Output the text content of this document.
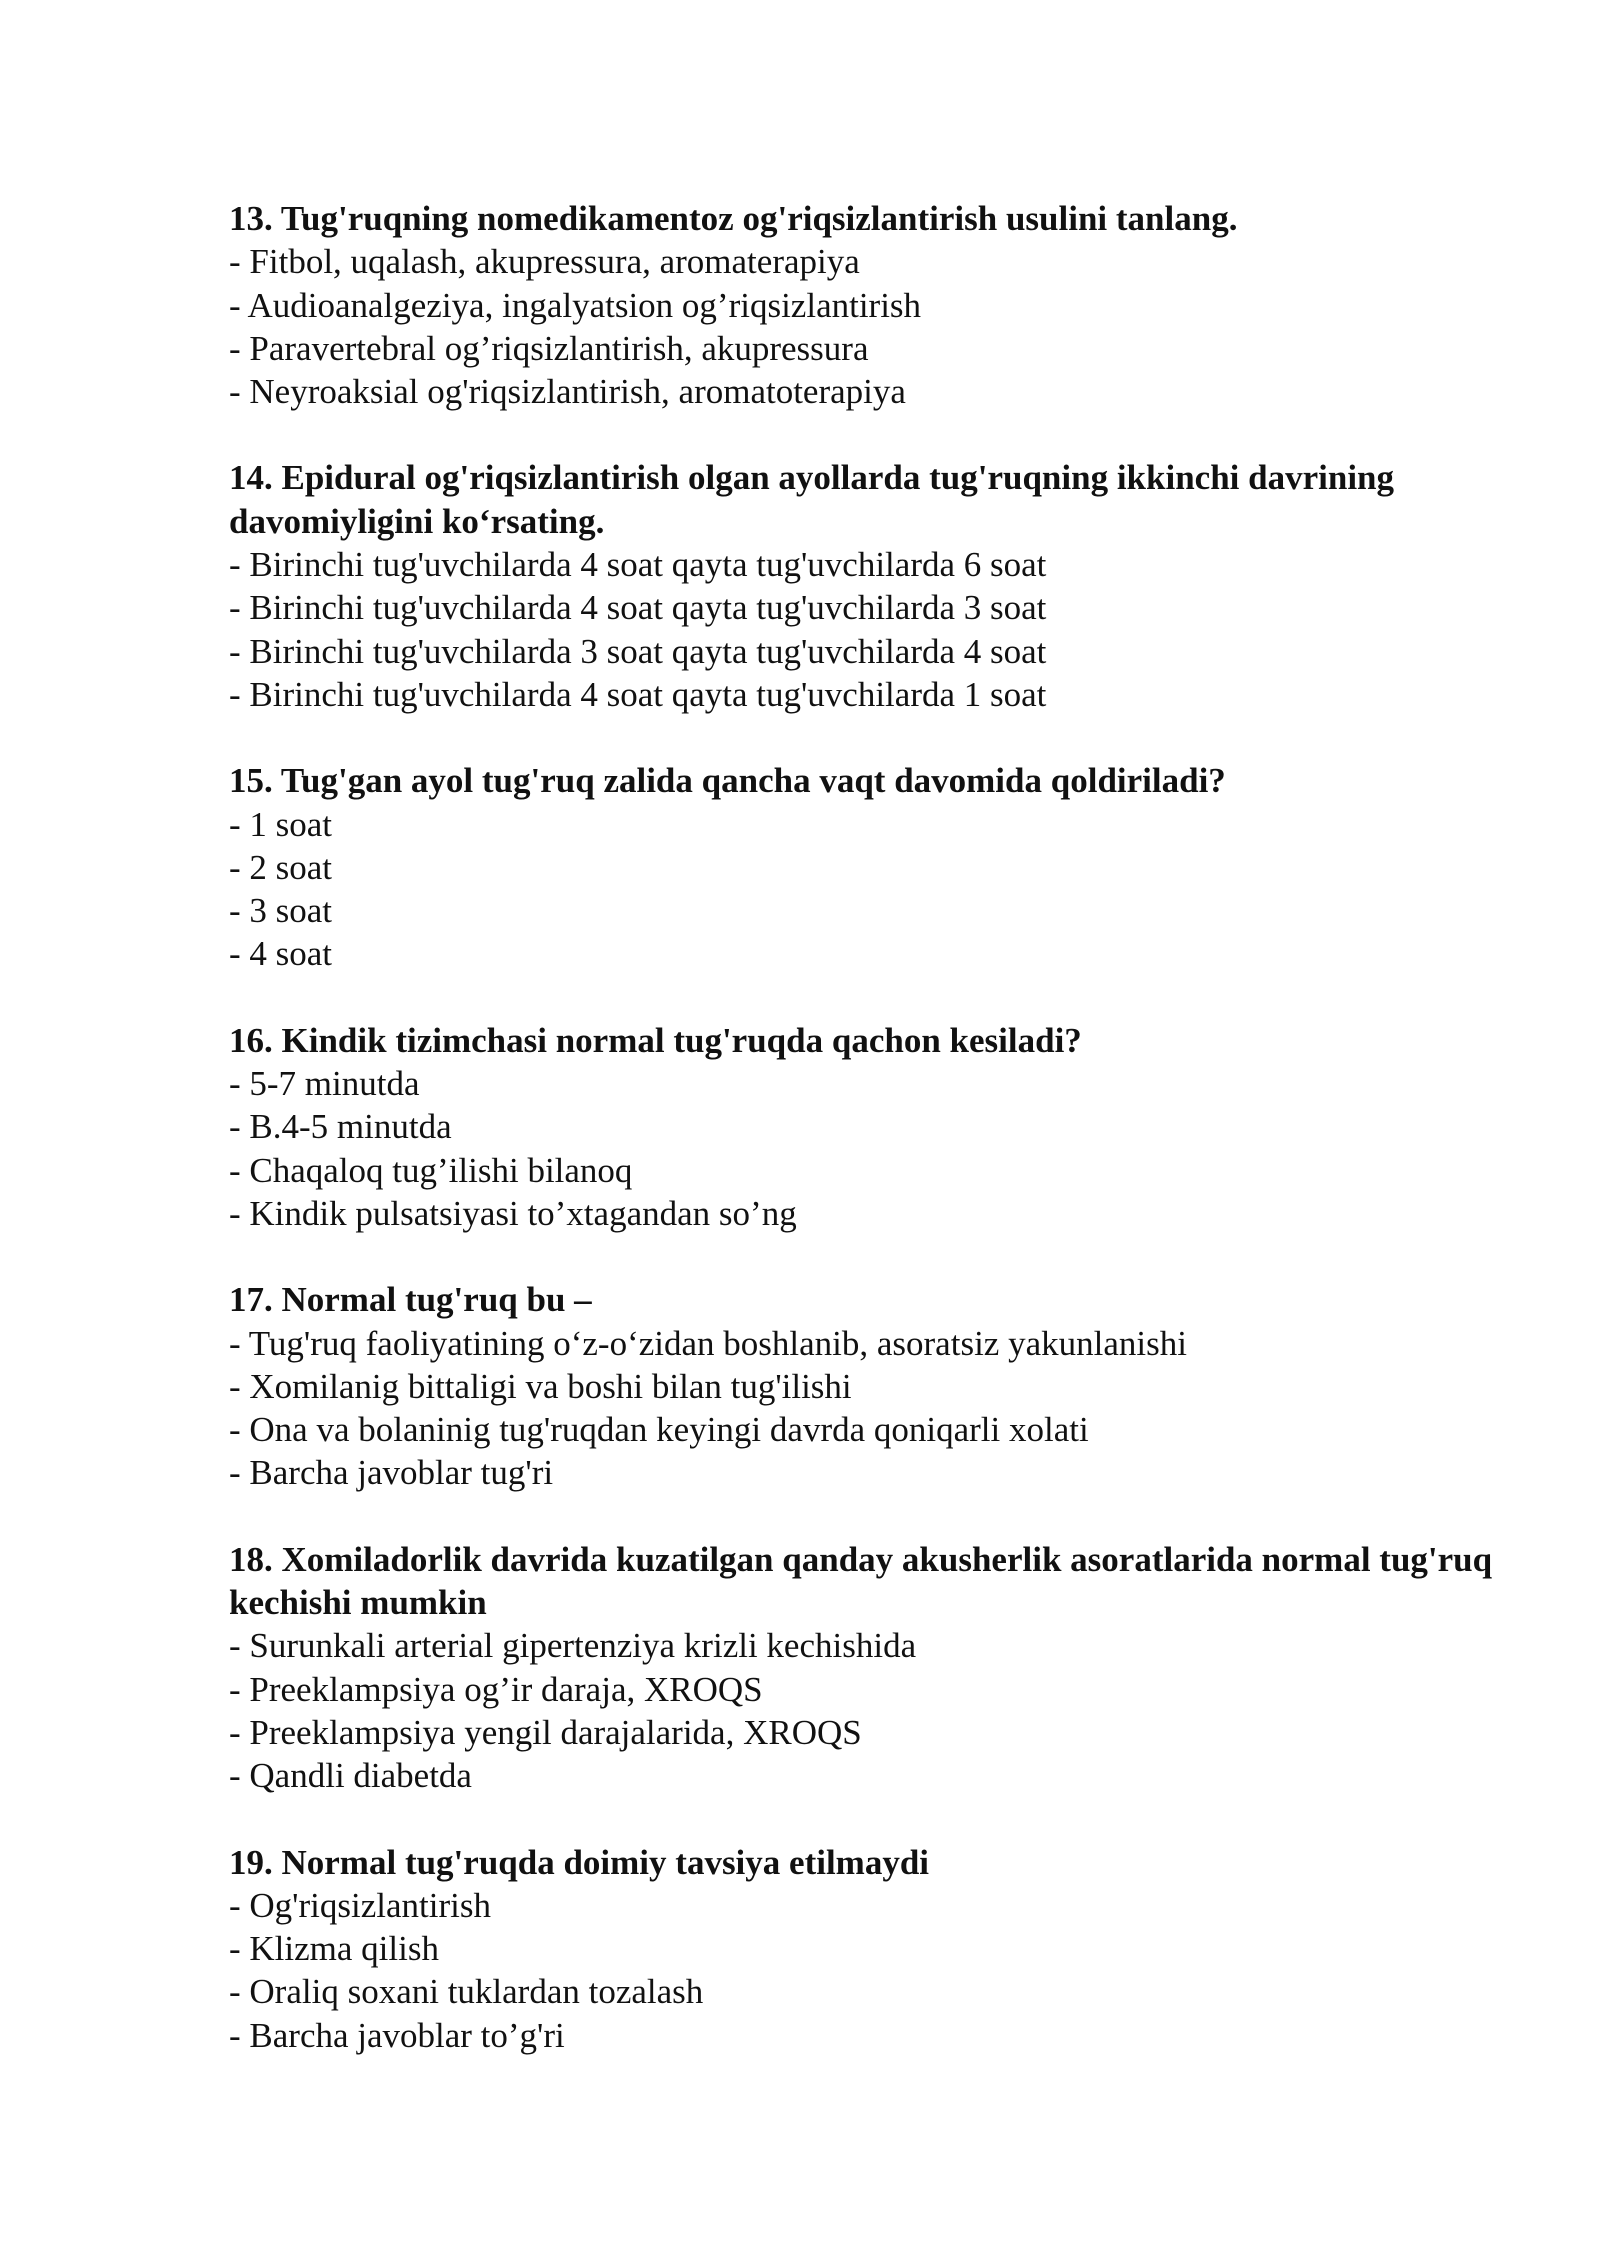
13. Tug'ruqning nomedikamentoz og'riqsizlantirish usulini tanlang.

- Fitbol, uqalash, akupressura, aromaterapiya
- Audioanalgeziya, ingalyatsion og’riqsizlantirish
- Paravertebral og’riqsizlantirish, akupressura
- Neyroaksial og'riqsizlantirish, aromatoterapiya

14. Epidural og'riqsizlantirish olgan ayollarda tug'ruqning ikkinchi davrining davomiyligini ko‘rsating.

- Birinchi tug'uvchilarda 4 soat qayta tug'uvchilarda 6 soat
- Birinchi tug'uvchilarda 4 soat qayta tug'uvchilarda 3 soat
- Birinchi tug'uvchilarda 3 soat qayta tug'uvchilarda 4 soat
- Birinchi tug'uvchilarda 4 soat qayta tug'uvchilarda 1 soat

15. Tug'gan ayol tug'ruq zalida qancha vaqt davomida qoldiriladi?

- 1 soat
- 2 soat
- 3 soat
- 4 soat

16. Kindik tizimchasi normal tug'ruqda qachon kesiladi?

- 5-7 minutda
- B.4-5 minutda
- Chaqaloq tug’ilishi bilanoq
- Kindik pulsatsiyasi to’xtagandan so’ng

17. Normal tug'ruq bu –

- Tug'ruq faoliyatining o‘z-o‘zidan boshlanib, asoratsiz yakunlanishi
- Xomilanig bittaligi va boshi bilan tug'ilishi
- Ona va bolaninig tug'ruqdan keyingi davrda qoniqarli xolati
- Barcha javoblar tug'ri

18. Xomiladorlik davrida kuzatilgan qanday akusherlik asoratlarida normal tug'ruq kechishi mumkin

- Surunkali arterial gipertenziya krizli kechishida
- Preeklampsiya og’ir daraja, XROQS
- Preeklampsiya yengil darajalarida, XROQS
- Qandli diabetda

19. Normal tug'ruqda doimiy tavsiya etilmaydi

- Og'riqsizlantirish
- Klizma qilish
- Oraliq soxani tuklardan tozalash
- Barcha javoblar to’g'ri
